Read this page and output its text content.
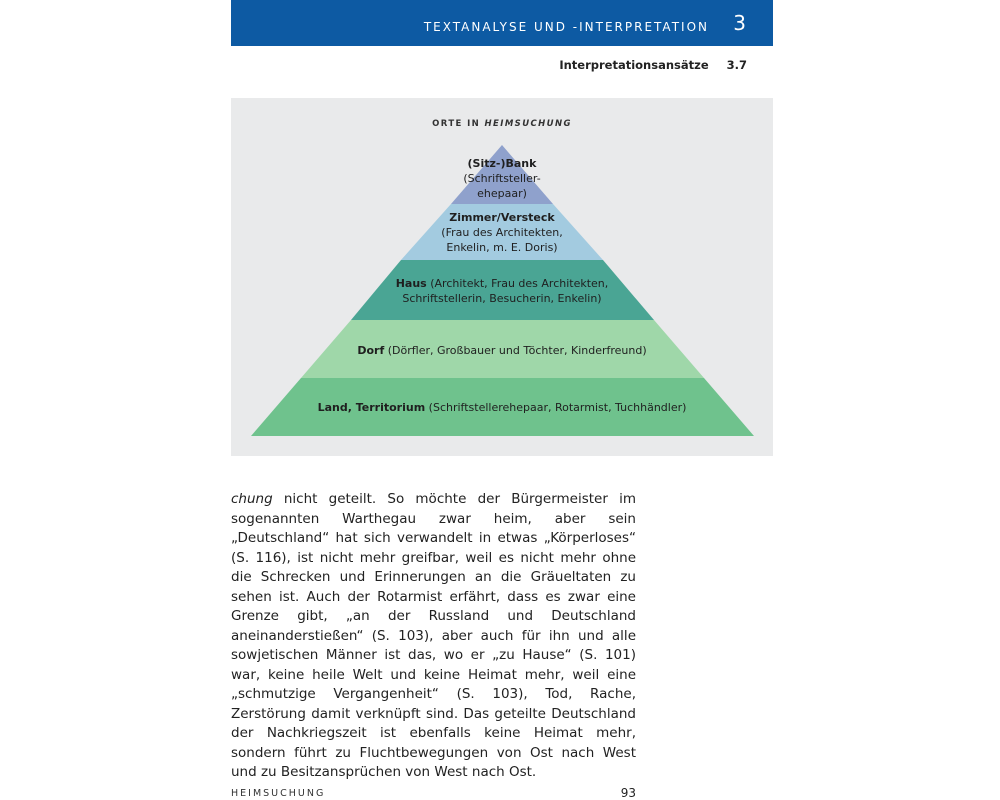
TEXTANALYSE UND -INTERPRETATION 3
Interpretationsansätze 3.7
ORTE IN HEIMSUCHUNG
(Sitz-)Bank
(Schriftsteller-
ehepaar)
Zimmer/Versteck
(Frau des Architekten,
Enkelin, m. E. Doris)
Haus (Architekt, Frau des Architekten,
Schriftstellerin, Besucherin, Enkelin)
Dorf (Dörfler, Großbauer und Töchter, Kinderfreund)
Land, Territorium (Schriftstellerehepaar, Rotarmist, Tuchhändler)

chung nicht geteilt. So möchte der Bürgermeister im sogenannten Warthegau zwar heim, aber sein „Deutschland“ hat sich verwandelt in etwas „Körperloses“ (S. 116), ist nicht mehr greifbar, weil es nicht mehr ohne die Schrecken und Erinnerungen an die Gräueltaten zu sehen ist. Auch der Rotarmist erfährt, dass es zwar eine Grenze gibt, „an der Russland und Deutschland aneinanderstießen“ (S. 103), aber auch für ihn und alle sowjetischen Männer ist das, wo er „zu Hause“ (S. 101) war, keine heile Welt und keine Heimat mehr, weil eine „schmutzige Vergangenheit“ (S. 103), Tod, Rache, Zerstörung damit verknüpft sind. Das geteilte Deutschland der Nachkriegszeit ist ebenfalls keine Heimat mehr, sondern führt zu Fluchtbewegungen von Ost nach West und zu Besitzansprüchen von West nach Ost.

HEIMSUCHUNG	93
